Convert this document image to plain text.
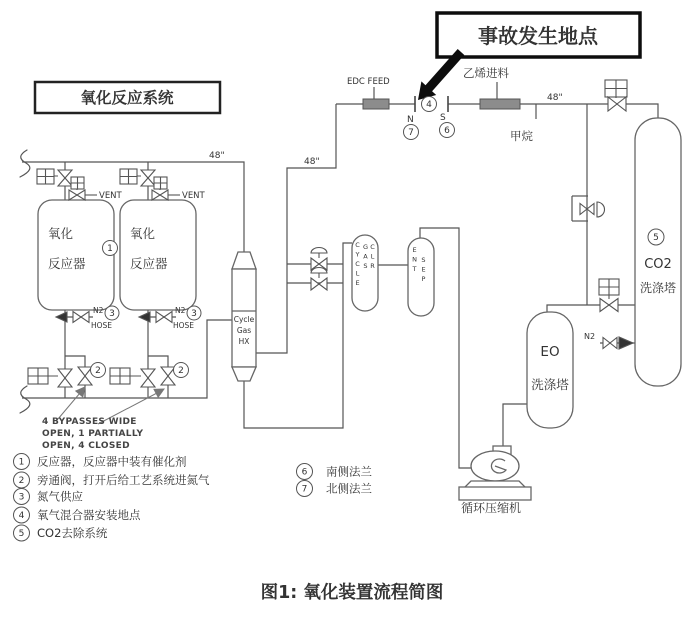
氧化反应系统
事故发生地点
1
2	2
3	3
4
5
6
7
48"
48"
48"
EDC FEED
乙烯进料
甲烷
N	S
VENT	VENT
N2
HOSE
N2
HOSE
N2
氧化
反应器
氧化
反应器
Cycle
Gas
HX
EO
洗涤塔
CO2
洗涤塔
循环压缩机
4 BYPASSES WIDE
OPEN, 1 PARTIALLY
OPEN, 4 CLOSED
1 反应器，反应器中装有催化剂
2 旁通阀，打开后给工艺系统进氮气
3 氮气供应
4 氧气混合器安装地点
5 CO2去除系统
6 南侧法兰
7 北侧法兰
图1: 氧化装置流程简图
CYCLE GAS CLR	ENT SEP
